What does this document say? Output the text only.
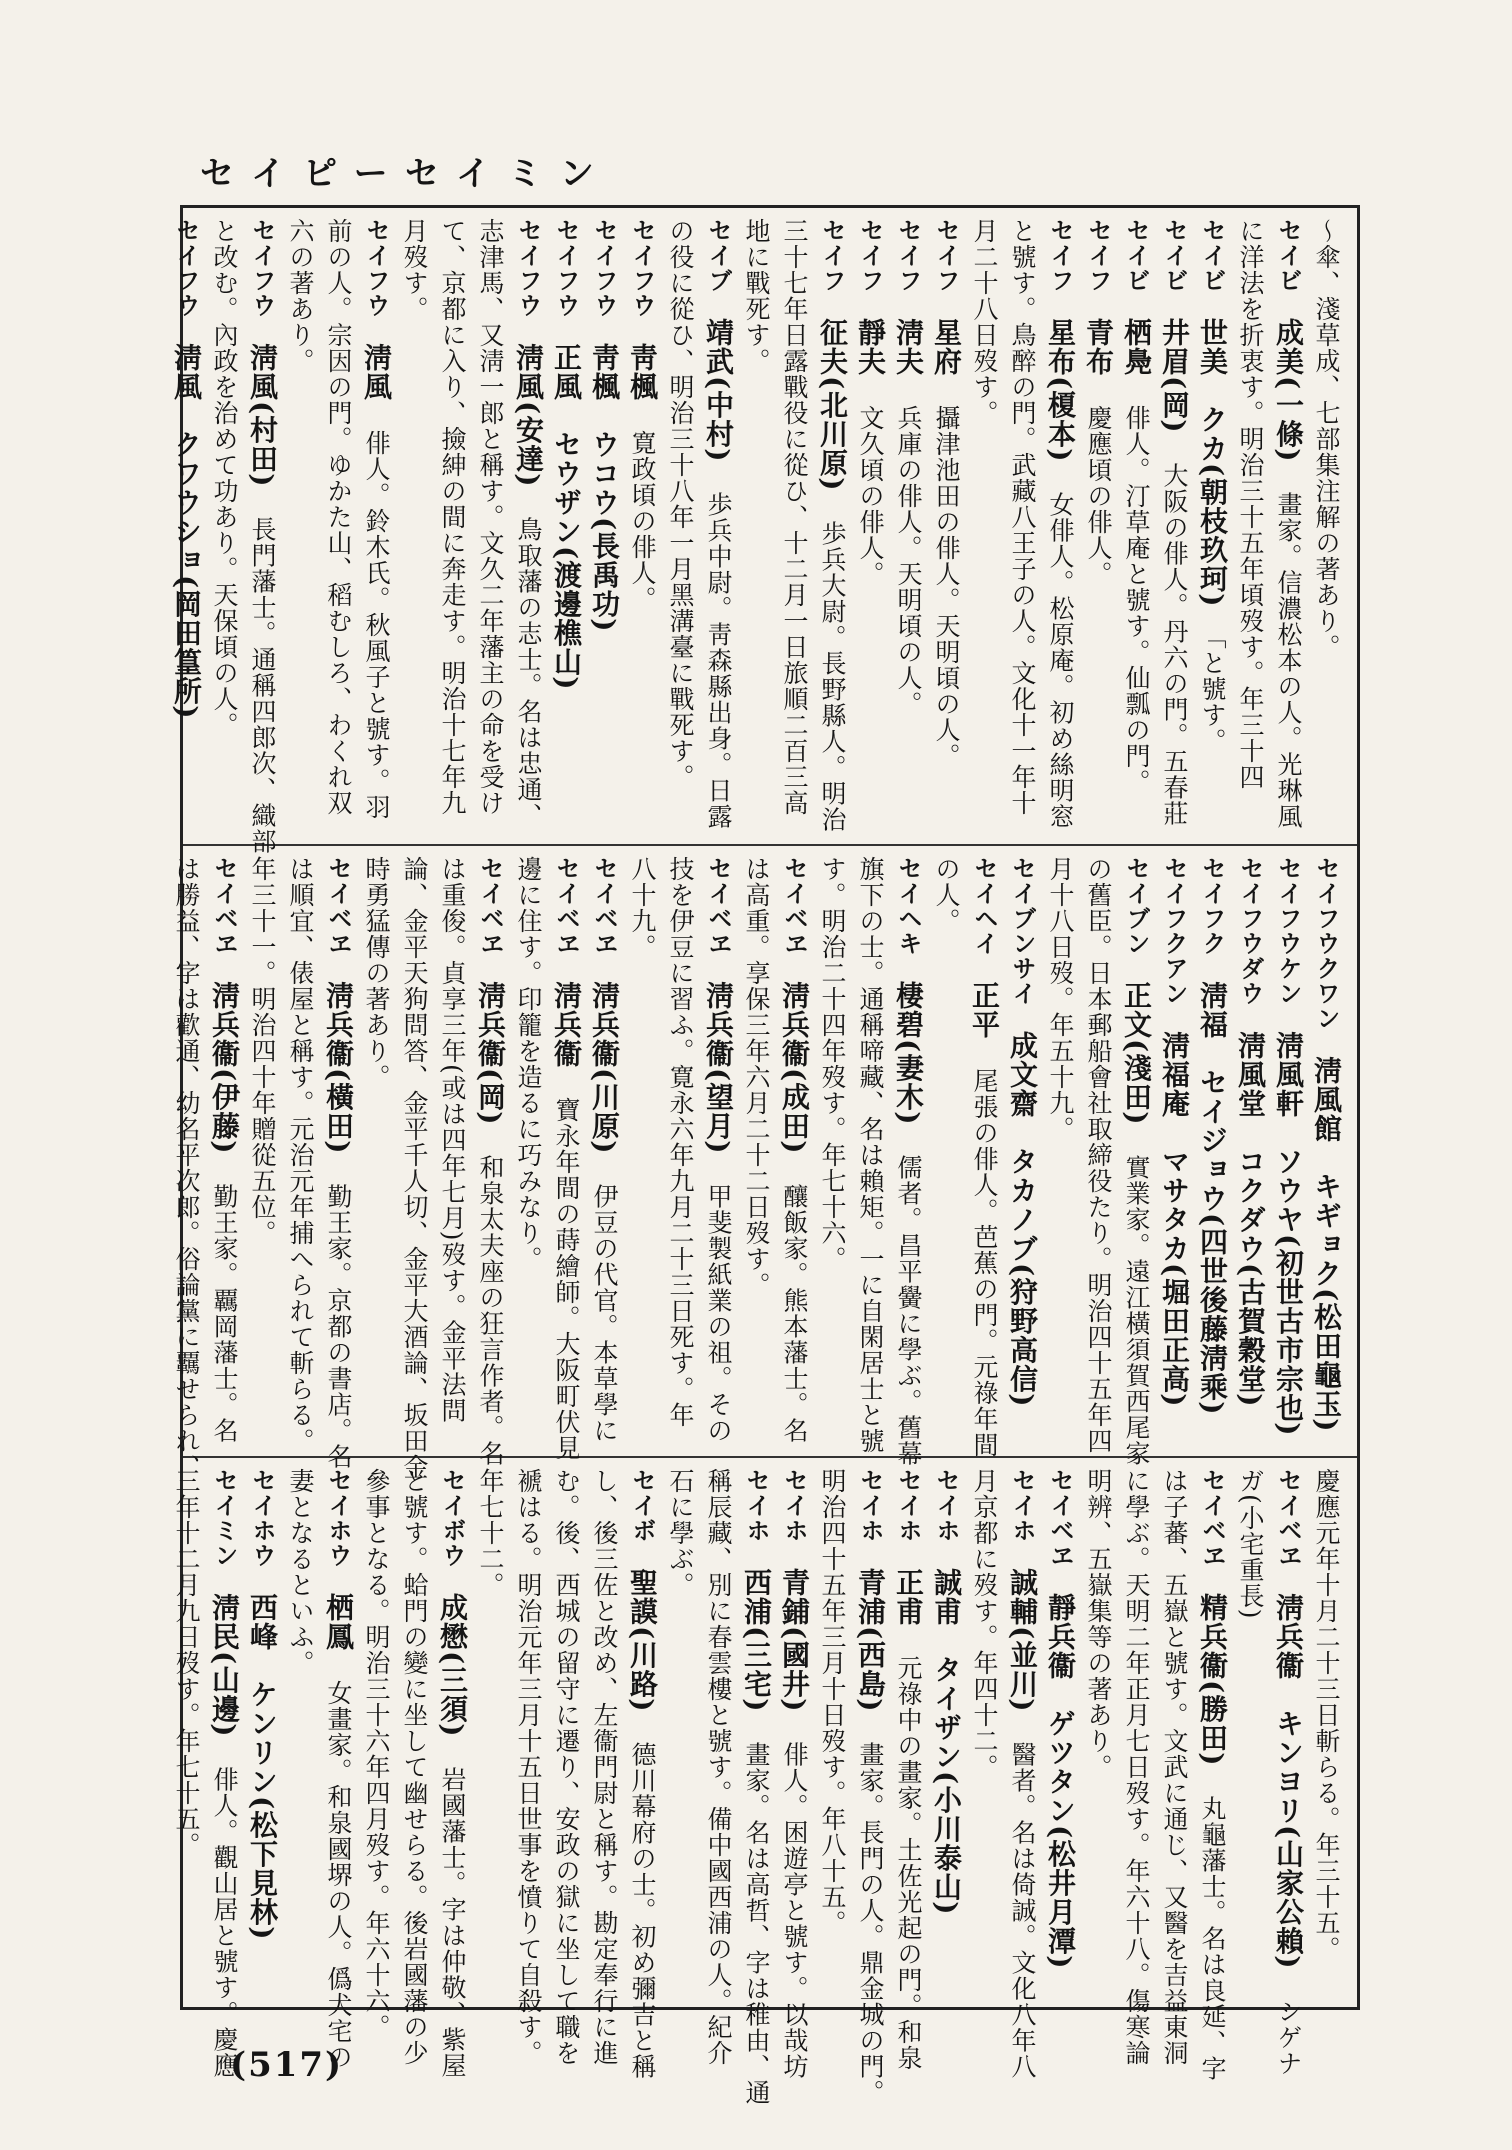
セイピーセイミン
〜傘、淺草成、七部集注解の著あり。
セイビ　成美(一條)　畫家。信濃松本の人。光琳風
に洋法を折衷す。明治三十五年頃歿す。年三十四
セイビ　世美　クカ(朝枝玖珂)　「と號す。
セイビ　井眉(岡)　大阪の俳人。丹六の門。五春莊
セイビ　栖鳧　俳人。汀草庵と號す。仙瓢の門。
セイフ　青布　慶應頃の俳人。
セイフ　星布(榎本)　女俳人。松原庵。初め絲明窓
と號す。鳥醉の門。武藏八王子の人。文化十一年十
月二十八日歿す。
セイフ　星府　攝津池田の俳人。天明頃の人。
セイフ　淸夫　兵庫の俳人。天明頃の人。
セイフ　靜夫　文久頃の俳人。
セイフ　征夫(北川原)　歩兵大尉。長野縣人。明治
三十七年日露戰役に從ひ、十二月一日旅順二百三高
地に戰死す。
セイブ　靖武(中村)　歩兵中尉。靑森縣出身。日露
の役に從ひ、明治三十八年一月黑溝臺に戰死す。
セイフウ　靑楓　寛政頃の俳人。
セイフウ　靑楓　ウコウ(長禹功)　
セイフウ　正風　セウザン(渡邊樵山)　
セイフウ　淸風(安達)　鳥取藩の志士。名は忠通、
志津馬、又淸一郎と稱す。文久二年藩主の命を受け
て、京都に入り、撿紳の間に奔走す。明治十七年九
月歿す。
セイフウ　淸風　俳人。鈴木氏。秋風子と號す。羽
前の人。宗因の門。ゆかた山、稻むしろ、わくれ双
六の著あり。
セイフウ　淸風(村田)　長門藩士。通稱四郎次、織部
と改む。內政を治めて功あり。天保頃の人。
セイフウ　淸風　クワウショ(岡田篁所)　
セイフウクワン　淸風館　キギョク(松田龜玉)　
セイフウケン　淸風軒　ソウヤ(初世古市宗也)　
セイフウダウ　淸風堂　コクダウ(古賀穀堂)　
セイフク　淸福　セイジョウ(四世後藤淸乘)　
セイフクアン　淸福庵　マサタカ(堀田正高)　
セイブン　正文(淺田)　實業家。遠江橫須賀西尾家
の舊臣。日本郵船會社取締役たり。明治四十五年四
月十八日歿。年五十九。
セイブンサイ　成文齋　タカノブ(狩野高信)　
セイヘイ　正平　尾張の俳人。芭蕉の門。元祿年間
の人。
セイヘキ　棲碧(妻木)　儒者。昌平黌に學ぶ。舊幕
旗下の士。通稱啼藏、名は賴矩。一に自閑居士と號
す。明治二十四年歿す。年七十六。
セイベヱ　淸兵衞(成田)　釀飯家。熊本藩士。名
は高重。享保三年六月二十二日歿す。
セイベヱ　淸兵衞(望月)　甲斐製紙業の祖。その
技を伊豆に習ふ。寛永六年九月二十三日死す。年
八十九。
セイベヱ　淸兵衞(川原)　伊豆の代官。本草學に
セイベヱ　淸兵衞　寶永年間の蒔繪師。大阪町伏見
邊に住す。印籠を造るに巧みなり。
セイベヱ　淸兵衞(岡)　和泉太夫座の狂言作者。名
は重俊。貞享三年(或は四年七月)歿す。金平法問
論、金平天狗問答、金平千人切、金平大酒論、坂田金
時勇猛傳の著あり。
セイベヱ　淸兵衞(橫田)　勤王家。京都の書店。名
は順宜、俵屋と稱す。元治元年捕へられて斬らる。
年三十一。明治四十年贈從五位。
セイベヱ　淸兵衞(伊藤)　勤王家。覊岡藩士。名
は勝益、字は歡通、幼名平次郎。俗論黨に覊せられ、
慶應元年十月二十三日斬らる。年三十五。
セイベヱ　淸兵衞　キンヨリ(山家公賴)　シゲナ
ガ(小宅重長)
セイベヱ　精兵衞(勝田)　丸龜藩士。名は良延、字
は子蕃、五嶽と號す。文武に通じ、又醫を吉益東洞
に學ぶ。天明二年正月七日歿す。年六十八。傷寒論
明辨、五嶽集等の著あり。
セイベヱ　靜兵衞　ゲツタン(松井月潭)　
セイホ　誠輔(並川)　醫者。名は倚誠。文化八年八
月京都に歿す。年四十二。
セイホ　誠甫　タイザン(小川泰山)　
セイホ　正甫　元祿中の畫家。土佐光起の門。和泉
セイホ　青浦(西島)　畫家。長門の人。鼎金城の門。
明治四十五年三月十日歿す。年八十五。
セイホ　青鋪(國井)　俳人。困遊亭と號す。以哉坊
セイホ　西浦(三宅)　畫家。名は高哲、字は稚由、通
稱辰藏、別に春雲樓と號す。備中國西浦の人。紀介
石に學ぶ。
セイボ　聖謨(川路)　德川幕府の士。初め彌吉と稱
し、後三佐と改め、左衞門尉と稱す。勘定奉行に進
む。後、西城の留守に遷り、安政の獄に坐して職を
褫はる。明治元年三月十五日世事を憤りて自殺す。
年七十二。
セイボウ　成懋(三須)　岩國藩士。字は仲敬、紫屋
と號す。蛤門の變に坐して幽せらる。後岩國藩の少
參事となる。明治三十六年四月歿す。年六十六。
セイホウ　栖鳳　女畫家。和泉國堺の人。僞犬宅の
妻となるといふ。
セイホウ　西峰　ケンリン(松下見林)　
セイミン　淸民(山邊)　俳人。觀山居と號す。慶應
三年十二月九日歿す。年七十五。
(517)
